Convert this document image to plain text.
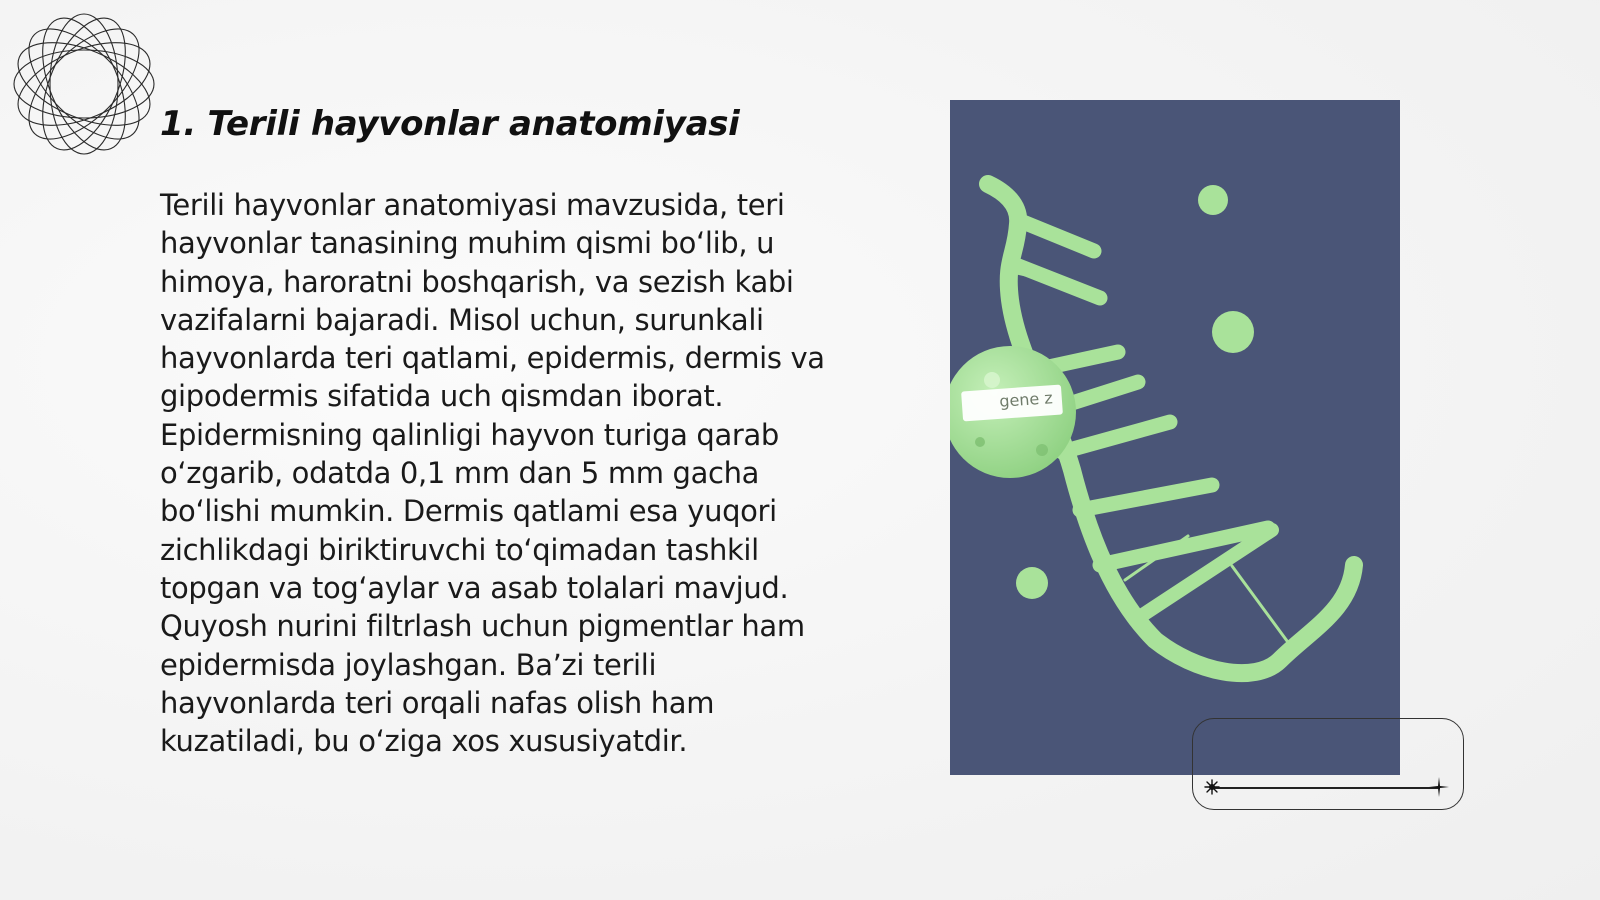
1. Terili hayvonlar anatomiyasi

Terili hayvonlar anatomiyasi mavzusida, teri hayvonlar tanasining muhim qismi boʻlib, u himoya, haroratni boshqarish, va sezish kabi vazifalarni bajaradi. Misol uchun, surunkali hayvonlarda teri qatlami, epidermis, dermis va gipodermis sifatida uch qismdan iborat. Epidermisning qalinligi hayvon turiga qarab oʻzgarib, odatda 0,1 mm dan 5 mm gacha boʻlishi mumkin. Dermis qatlami esa yuqori zichlikdagi biriktiruvchi toʻqimadan tashkil topgan va togʻaylar va asab tolalari mavjud. Quyosh nurini filtrlash uchun pigmentlar ham epidermisda joylashgan. Baʼzi terili hayvonlarda teri orqali nafas olish ham kuzatiladi, bu oʻziga xos xususiyatdir.

gene z
